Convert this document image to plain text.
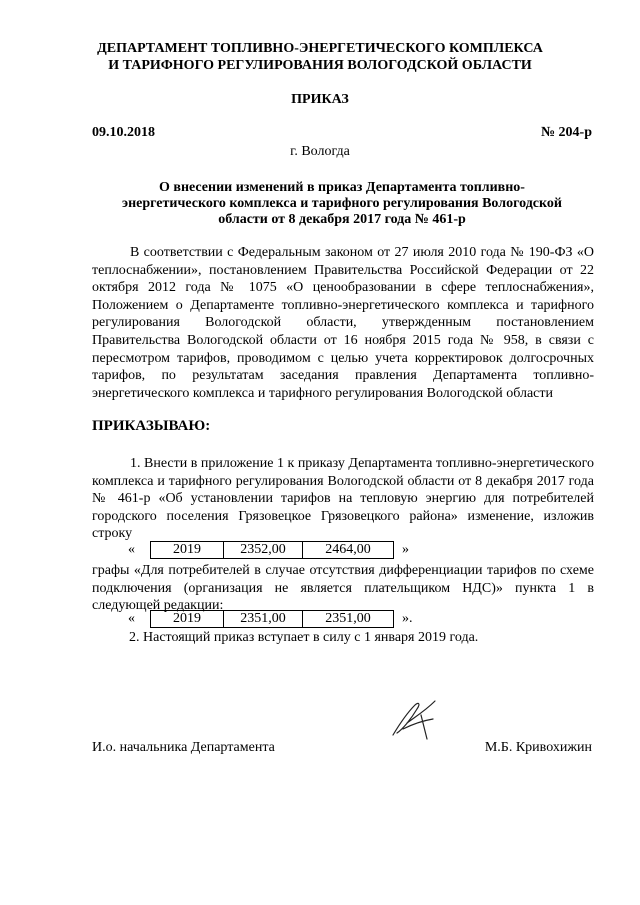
ДЕПАРТАМЕНТ ТОПЛИВНО-ЭНЕРГЕТИЧЕСКОГО КОМПЛЕКСА
И ТАРИФНОГО РЕГУЛИРОВАНИЯ ВОЛОГОДСКОЙ ОБЛАСТИ
ПРИКАЗ
09.10.2018	№ 204-р
г. Вологда
О внесении изменений в приказ Департамента топливно-
энергетического комплекса и тарифного регулирования Вологодской
области от 8 декабря 2017 года № 461-р
В соответствии с Федеральным законом от 27 июля 2010 года № 190-ФЗ «О теплоснабжении», постановлением Правительства Российской Федерации от 22 октября 2012 года № 1075 «О ценообразовании в сфере теплоснабжения», Положением о Департаменте топливно-энергетического комплекса и тарифного регулирования Вологодской области, утвержденным постановлением Правительства Вологодской области от 16 ноября 2015 года № 958, в связи с пересмотром тарифов, проводимом с целью учета корректировок долгосрочных тарифов, по результатам заседания правления Департамента топливно-энергетического комплекса и тарифного регулирования Вологодской области
ПРИКАЗЫВАЮ:
1. Внести в приложение 1 к приказу Департамента топливно-энергетического комплекса и тарифного регулирования Вологодской области от 8 декабря 2017 года № 461-р «Об установлении тарифов на тепловую энергию для потребителей городского поселения Грязовецкое Грязовецкого района» изменение, изложив строку
«	2019	2352,00	2464,00	»
графы «Для потребителей в случае отсутствия дифференциации тарифов по схеме подключения (организация не является плательщиком НДС)» пункта 1 в следующей редакции:
«	2019	2351,00	2351,00	».
2. Настоящий приказ вступает в силу с 1 января 2019 года.
И.о. начальника Департамента	М.Б. Кривохижин
